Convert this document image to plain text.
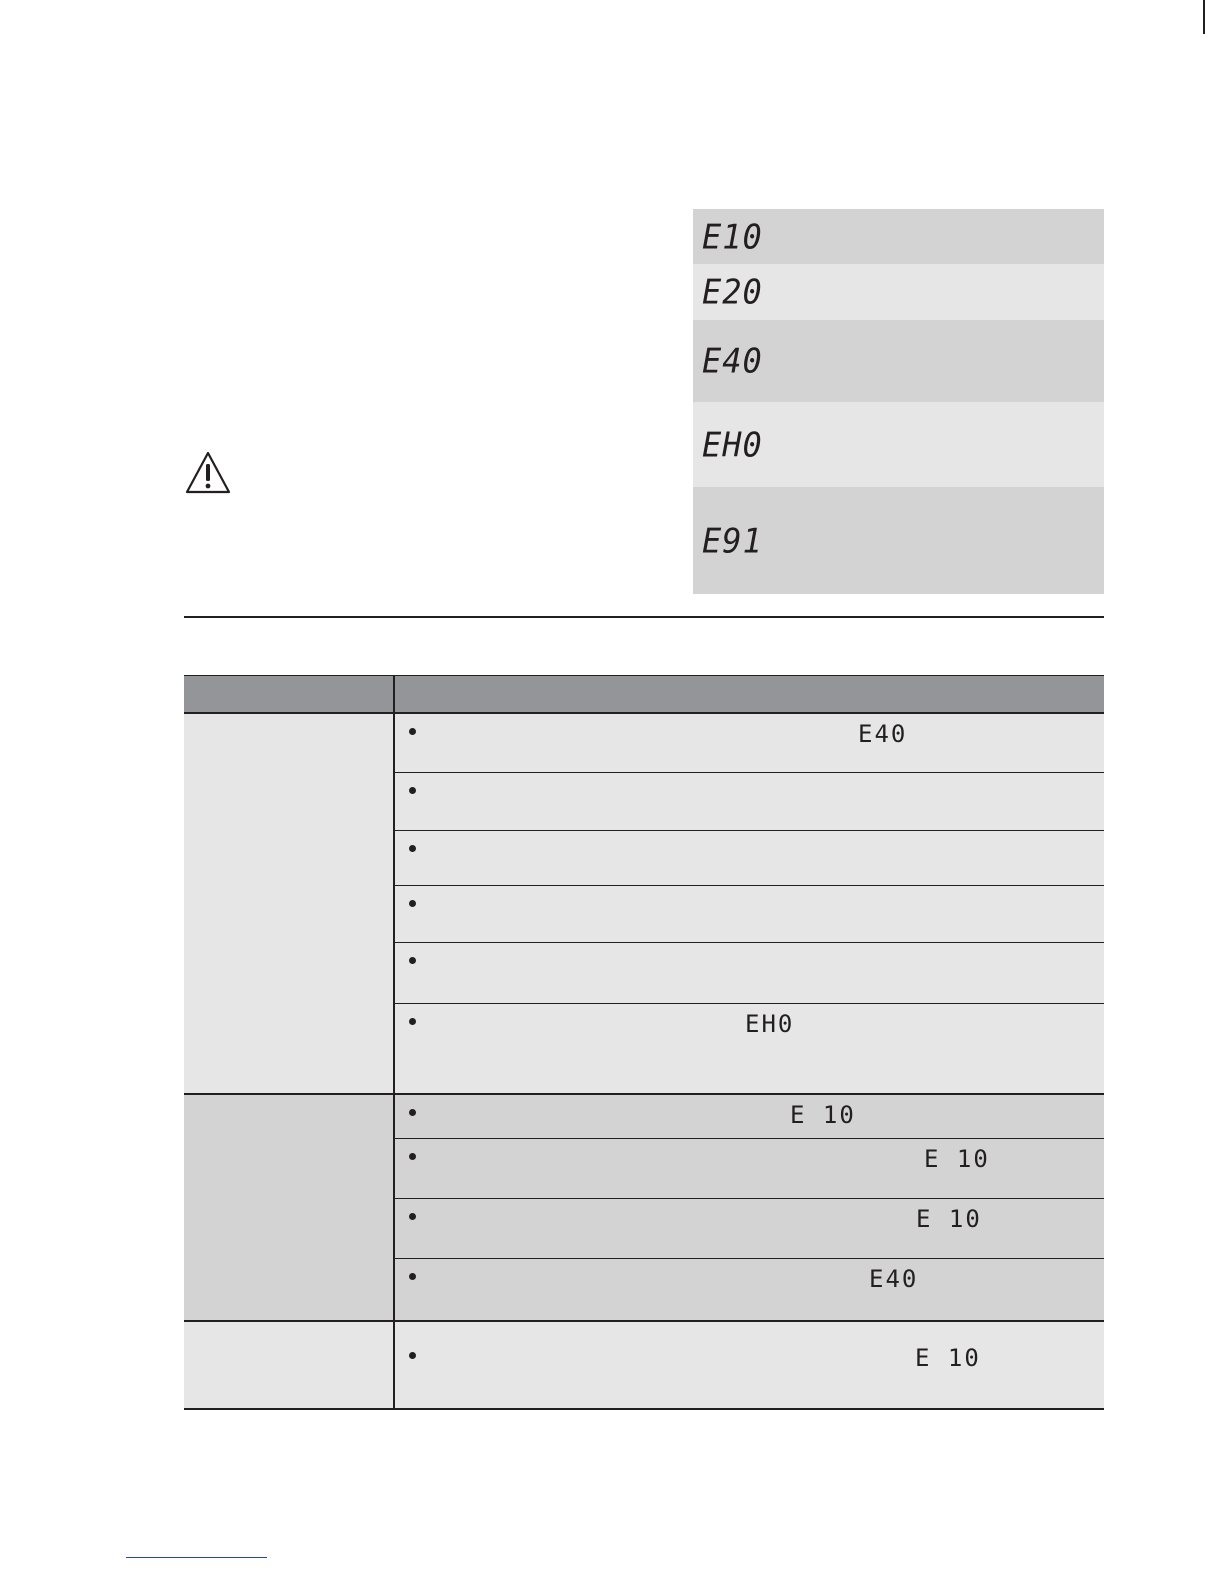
E10
E20
E40
EH0
E91
E40
EH0
E 10
E 10
E 10
E40
E 10
